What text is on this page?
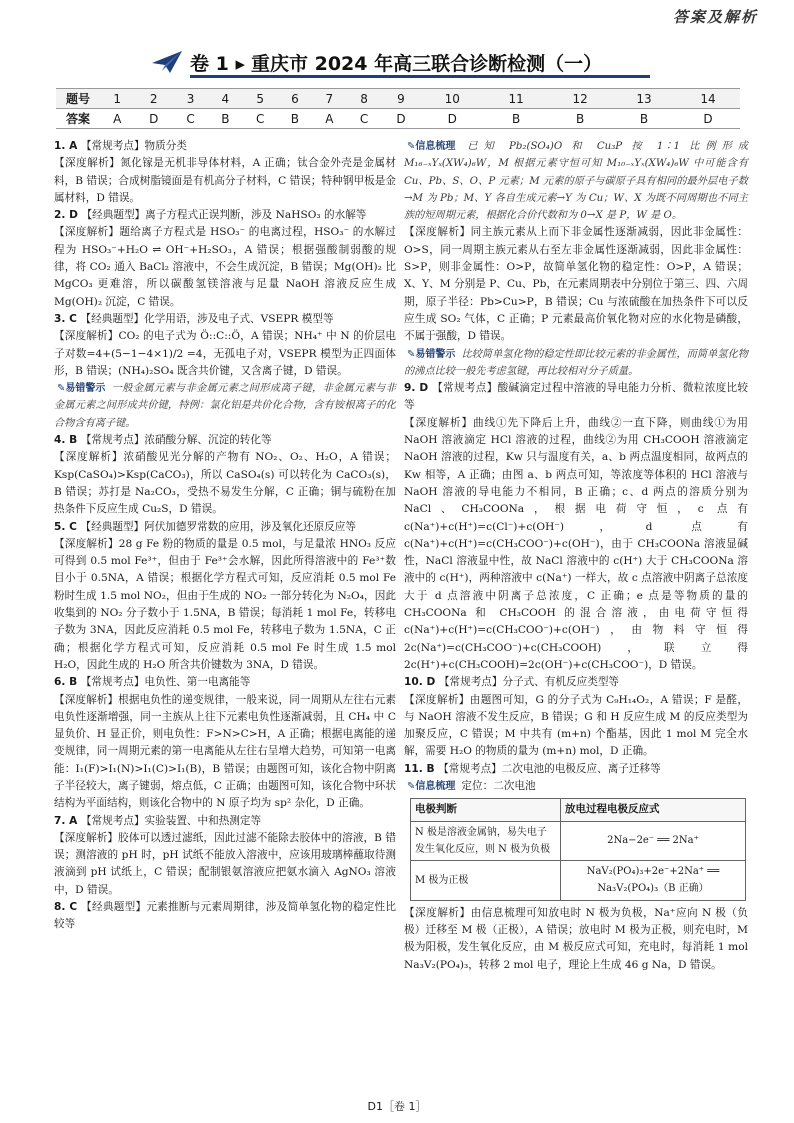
答案及解析
卷 1 ▸ 重庆市 2024 年高三联合诊断检测（一）
题号	1	2	3	4	5	6	7	8	9	10	11	12	13	14
答案	A	D	C	B	C	B	A	C	D	D	B	B	B	D
1. A 【常规考点】物质分类
【深度解析】氮化镓是无机非导体材料，A 正确；钛合金外壳是金属材料，B 错误；合成树脂镜面是有机高分子材料，C 错误；特种钢甲板是金属材料，D 错误。
2. D 【经典题型】离子方程式正误判断，涉及 NaHSO₃ 的水解等
【深度解析】题给离子方程式是 HSO₃⁻ 的电离过程，HSO₃⁻ 的水解过程为 HSO₃⁻+H₂O ⇌ OH⁻+H₂SO₃，A 错误；根据强酸制弱酸的规律，将 CO₂ 通入 BaCl₂ 溶液中，不会生成沉淀，B 错误；Mg(OH)₂ 比 MgCO₃ 更难溶，所以碳酸氢镁溶液与足量 NaOH 溶液反应生成 Mg(OH)₂ 沉淀，C 错误。
3. C 【经典题型】化学用语，涉及电子式、VSEPR 模型等
【深度解析】CO₂ 的电子式为 Ö::C::Ö，A 错误；NH₄⁺ 中 N 的价层电子对数=4+(5−1−4×1)/2 =4，无孤电子对，VSEPR 模型为正四面体形，B 错误；(NH₄)₂SO₄ 既含共价键，又含离子键，D 错误。
✎易错警示 一般金属元素与非金属元素之间形成离子键，非金属元素与非金属元素之间形成共价键，特例：氯化铝是共价化合物，含有铵根离子的化合物含有离子键。
4. B 【常规考点】浓硝酸分解、沉淀的转化等
【深度解析】浓硝酸见光分解的产物有 NO₂、O₂、H₂O，A 错误；Ksp(CaSO₄)>Ksp(CaCO₃)，所以 CaSO₄(s) 可以转化为 CaCO₃(s)，B 错误；苏打是 Na₂CO₃，受热不易发生分解，C 正确；铜与硫粉在加热条件下反应生成 Cu₂S，D 错误。
5. C 【经典题型】阿伏加德罗常数的应用，涉及氧化还原反应等
【深度解析】28 g Fe 粉的物质的量是 0.5 mol，与足量浓 HNO₃ 反应可得到 0.5 mol Fe³⁺，但由于 Fe³⁺会水解，因此所得溶液中的 Fe³⁺数目小于 0.5NA，A 错误；根据化学方程式可知，反应消耗 0.5 mol Fe 粉时生成 1.5 mol NO₂，但由于生成的 NO₂ 一部分转化为 N₂O₄，因此收集到的 NO₂ 分子数小于 1.5NA，B 错误；每消耗 1 mol Fe，转移电子数为 3NA，因此反应消耗 0.5 mol Fe，转移电子数为 1.5NA，C 正确；根据化学方程式可知，反应消耗 0.5 mol Fe 时生成 1.5 mol H₂O，因此生成的 H₂O 所含共价键数为 3NA，D 错误。
6. B 【常规考点】电负性、第一电离能等
【深度解析】根据电负性的递变规律，一般来说，同一周期从左往右元素电负性逐渐增强，同一主族从上往下元素电负性逐渐减弱，且 CH₄ 中 C 显负价、H 显正价，则电负性：F>N>C>H，A 正确；根据电离能的递变规律，同一周期元素的第一电离能从左往右呈增大趋势，可知第一电离能：I₁(F)>I₁(N)>I₁(C)>I₁(B)，B 错误；由题图可知，该化合物中阴离子半径较大，离子键弱，熔点低，C 正确；由题图可知，该化合物中环状结构为平面结构，则该化合物中的 N 原子均为 sp² 杂化，D 正确。
7. A 【常规考点】实验装置、中和热测定等
【深度解析】胶体可以透过滤纸，因此过滤不能除去胶体中的溶液，B 错误；测溶液的 pH 时，pH 试纸不能放入溶液中，应该用玻璃棒蘸取待测液滴到 pH 试纸上，C 错误；配制银氨溶液应把氨水滴入 AgNO₃ 溶液中，D 错误。
8. C 【经典题型】元素推断与元素周期律，涉及简单氢化物的稳定性比较等
✎信息梳理 已知 Pb₂(SO₄)O 和 Cu₃P 按 1∶1 比例形成 M₁₆₋ₓYₓ(XW₄)₆W，M 根据元素守恒可知 M₁₀₋ₓYₓ(XW₄)₆W 中可能含有 Cu、Pb、S、O、P 元素；M 元素的原子与碳原子具有相同的最外层电子数→M 为 Pb；M、Y 各自生成元素→Y 为 Cu；W、X 为既不同周期也不同主族的短周期元素，根据化合价代数和为 0→X 是 P，W 是 O。
【深度解析】同主族元素从上而下非金属性逐渐减弱，因此非金属性：O>S，同一周期主族元素从右至左非金属性逐渐减弱，因此非金属性：S>P，则非金属性：O>P，故简单氢化物的稳定性：O>P，A 错误；X、Y、M 分别是 P、Cu、Pb，在元素周期表中分别位于第三、四、六周期，原子半径：Pb>Cu>P，B 错误；Cu 与浓硫酸在加热条件下可以反应生成 SO₂ 气体，C 正确；P 元素最高价氧化物对应的水化物是磷酸，不属于强酸，D 错误。
✎易错警示 比较简单氢化物的稳定性即比较元素的非金属性，而简单氢化物的沸点比较一般先考虑氢键，再比较相对分子质量。
9. D 【常规考点】酸碱滴定过程中溶液的导电能力分析、微粒浓度比较等
【深度解析】曲线①先下降后上升，曲线②一直下降，则曲线①为用 NaOH 溶液滴定 HCl 溶液的过程，曲线②为用 CH₃COOH 溶液滴定 NaOH 溶液的过程，Kw 只与温度有关，a、b 两点温度相同，故两点的 Kw 相等，A 正确；由图 a、b 两点可知，等浓度等体积的 HCl 溶液与 NaOH 溶液的导电能力不相同，B 正确；c、d 两点的溶质分别为 NaCl、CH₃COONa，根据电荷守恒，c 点有 c(Na⁺)+c(H⁺)=c(Cl⁻)+c(OH⁻)，d 点有 c(Na⁺)+c(H⁺)=c(CH₃COO⁻)+c(OH⁻)，由于 CH₃COONa 溶液显碱性，NaCl 溶液显中性，故 NaCl 溶液中的 c(H⁺) 大于 CH₃COONa 溶液中的 c(H⁺)，两种溶液中 c(Na⁺) 一样大，故 c 点溶液中阴离子总浓度大于 d 点溶液中阴离子总浓度，C 正确；e 点是等物质的量的 CH₃COONa 和 CH₃COOH 的混合溶液，由电荷守恒得 c(Na⁺)+c(H⁺)=c(CH₃COO⁻)+c(OH⁻)，由物料守恒得 2c(Na⁺)=c(CH₃COO⁻)+c(CH₃COOH)，联立得 2c(H⁺)+c(CH₃COOH)=2c(OH⁻)+c(CH₃COO⁻)，D 错误。
10. D 【常规考点】分子式、有机反应类型等
【深度解析】由题图可知，G 的分子式为 C₉H₁₄O₂，A 错误；F 是醛，与 NaOH 溶液不发生反应，B 错误；G 和 H 反应生成 M 的反应类型为加聚反应，C 错误；M 中共有 (m+n) 个酯基，因此 1 mol M 完全水解，需要 H₂O 的物质的量为 (m+n) mol，D 正确。
11. B 【常规考点】二次电池的电极反应、离子迁移等
✎信息梳理 定位：二次电池
电极判断	放电过程电极反应式
N 极是溶液金属钠，易失电子发生氧化反应，则 N 极为负极	2Na−2e⁻ ══ 2Na⁺
M 极为正极	NaV₂(PO₄)₃+2e⁻+2Na⁺ ══ Na₃V₂(PO₄)₃（B 正确）
【深度解析】由信息梳理可知放电时 N 极为负极，Na⁺应向 N 极（负极）迁移至 M 极（正极），A 错误；放电时 M 极为正极，则充电时，M 极为阳极，发生氧化反应，由 M 极反应式可知，充电时，每消耗 1 mol Na₃V₂(PO₄)₃，转移 2 mol 电子，理论上生成 46 g Na，D 错误。
D1［卷 1］
